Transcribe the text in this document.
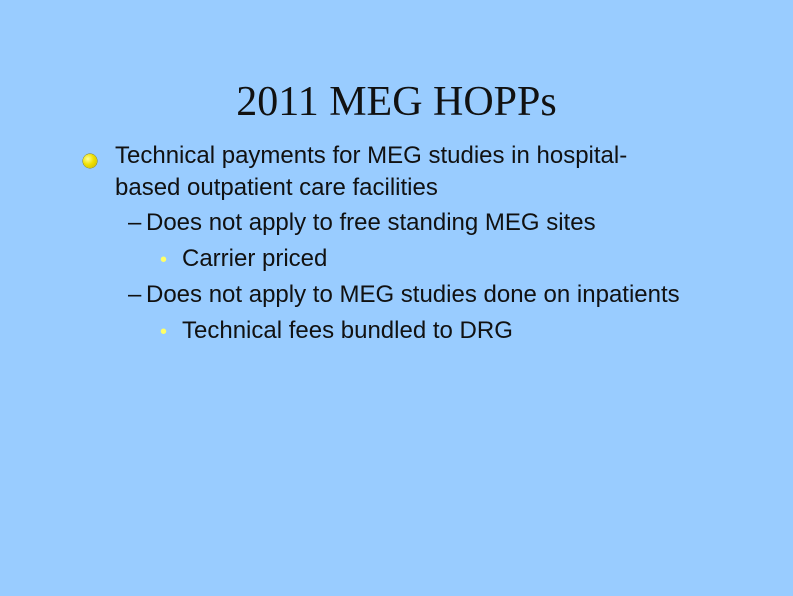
2011 MEG HOPPs
Technical payments for MEG studies in hospital-
based outpatient care facilities
– Does not apply to free standing MEG sites
• Carrier priced
– Does not apply to MEG studies done on inpatients
• Technical fees bundled to DRG
